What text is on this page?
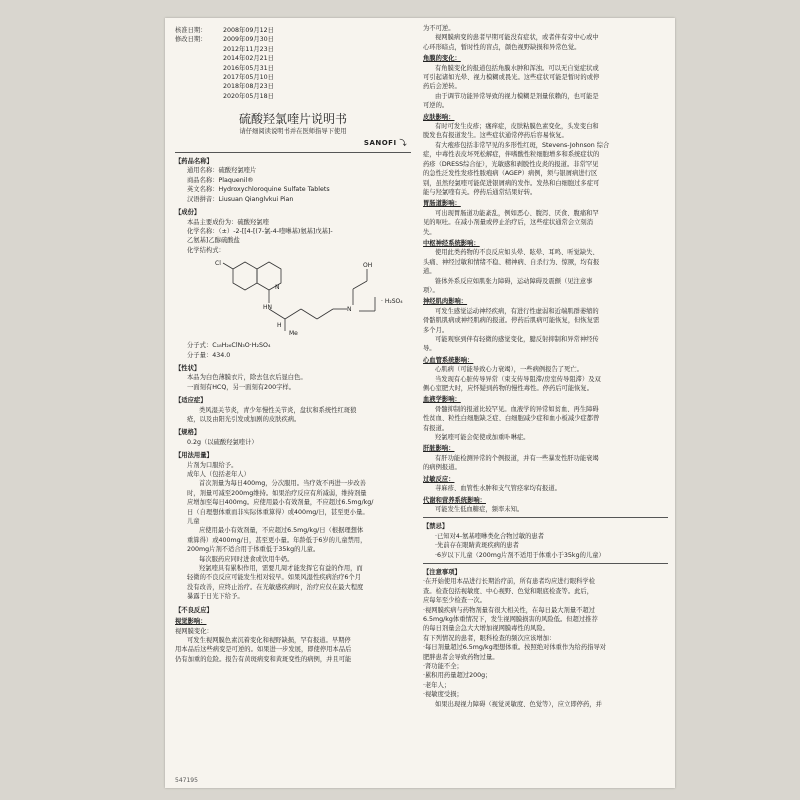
核准日期：
修改日期：
2008年09月12日
2009年09月30日
2012年11月23日
2014年02月21日
2016年05月31日
2017年05月10日
2018年08月23日
2020年05月18日
硫酸羟氯喹片说明书
请仔细阅读说明书并在医师指导下使用
SANOFI ⤵
【药品名称】
通用名称：硫酸羟氯喹片
商品名称：Plaquenil®
英文名称：Hydroxychloroquine Sulfate Tablets
汉语拼音：Liusuan Qianglvkui Pian
【成份】
本品主要成份为：硫酸羟氯喹
化学名称：（±）-2-[[4-[(7-氯-4-喹啉基)氨基]戊基]-
乙氨基]乙醇硫酸盐
化学结构式：
Cl
N
HN	N
OH
· H₂SO₄
Me
H
分子式：C₁₈H₂₆ClN₃O·H₂SO₄
分子量：434.0
【性状】
本品为白色薄膜衣片，除去包衣后显白色。
一面刻有HCQ，另一面刻有200字样。
【适应症】
类风湿关节炎，青少年慢性关节炎，盘状和系统性红斑狼
疮，以及由阳光引发或加剧的皮肤疾病。
【规格】
0.2g（以硫酸羟氯喹计）
【用法用量】
片剂为口服给予。
成年人（包括老年人）
首次剂量为每日400mg，分次服用。当疗效不再进一步改善
时，剂量可减至200mg维持。如果治疗反应有所减弱，维持剂量
应增加至每日400mg。应使用最小有效剂量，不应超过6.5mg/kg/
日（自理想体重而非实际体重算得）或400mg/日，甚至更小量。
儿童
应使用最小有效剂量，不应超过6.5mg/kg/日（根据理想体
重算得）或400mg/日，甚至更小量。年龄低于6岁的儿童禁用，
200mg片剂不适合用于体重低于35kg的儿童。
每次服药应同时进食或饮用牛奶。
羟氯喹具有累积作用，需要几周才能发挥它有益的作用，而
轻微的不良反应可能发生相对较早。如果风湿性疾病治疗6个月
没有改善，应终止治疗。在光敏感疾病时，治疗应仅在最大程度
暴露于日光下给予。
【不良反应】
视觉影响：
视网膜变化：
可发生视网膜色素沉着变化和视野缺损，罕有报道。早期停
用本品后这些病变是可逆的。如果进一步发展，即使停用本品后
仍有加重的危险。报告有黄斑病变和黄斑变性的病例，并且可能
547195
为不可逆。
视网膜病变的患者早期可能没有症状，或者伴有旁中心或中
心环形暗点，暂时性的盲点，颜色视野缺损和异常色觉。
角膜的变化：
有角膜变化的报道包括角膜水肿和浑浊。可以无自觉症状或
可引起诸如光晕、视力模糊或畏光。这些症状可能是暂时的或停
药后会逆转。
由于调节功能异常导致的视力模糊是剂量依赖的，也可能是
可逆的。
皮肤影响：
有时可发生皮疹；瘙痒症，皮肤粘膜色素变化，头发变白和
脱发也有报道发生。这些症状通常停药后容易恢复。
有大疱疹包括非常罕见的多形性红斑，Stevens-Johnson 综合
症，中毒性表皮坏死松解症，伴嗜酸性粒细胞增多和系统症状的
药疹（DRESS综合征），光敏感和剥脱性皮炎的报道。非常罕见
的急性泛发性发疹性脓疱病（AGEP）病例，须与银屑病进行区
别，虽然羟氯喹可能促进银屑病的发作。发热和白细胞过多症可
能与羟氯喹有关。停药后通常结果好转。
胃肠道影响：
可出现胃肠道功能紊乱，例如恶心、腹泻、厌食、腹痛和罕
见的呕吐。在减小剂量或停止治疗后，这些症状通常会立刻消
失。
中枢神经系统影响：
使用此类药物的不良反应如头晕、眩晕、耳鸣、听觉缺失、
头痛、神经过敏和情绪不稳、精神病、自杀行为、惊厥，均有报
道。
锥体外系反应如肌张力障碍，运动障碍及震颤（见注意事
项）。
神经肌肉影响：
可发生感觉运动神经疾病，有进行性虚弱和近端肌群萎缩的
骨骼肌肌病或神经肌病的报道。停药后肌病可能恢复，但恢复需
多个月。
可能观察到伴有轻微的感觉变化，腱反射抑制和异常神经传
导。
心血管系统影响：
心肌病（可能导致心力衰竭），一些病例报告了死亡。
当发现有心脏传导异常（束支传导阻滞/房室传导阻滞）及双
侧心室肥大时，应怀疑到药物的慢性毒性。停药后可能恢复。
血液学影响：
骨髓抑制的报道比较罕见。血液学的异常如贫血、再生障碍
性贫血、粒性白细胞缺乏症、白细胞减少症和血小板减少症都曾
有报道。
羟氯喹可能会促使或加重卟啉症。
肝脏影响：
有肝功能检测异常的个例报道，并有一些暴发性肝功能衰竭
的病例报道。
过敏反应：
荨麻疹、血管性水肿和支气管痉挛均有报道。
代谢和营养系统影响：
可能发生低血糖症，频率未知。
【禁忌】
·已知对4-氨基喹啉类化合物过敏的患者
·先前存在眼睛黄斑疾病的患者
·6岁以下儿童（200mg片剂不适用于体重小于35kg的儿童）
【注意事项】
·在开始使用本品进行长期治疗前，所有患者均应进行眼科学检
查。检查包括视敏度、中心视野、色觉和眼底检查等。此后，
应每年至少检查一次。
·视网膜疾病与药物剂量有很大相关性，在每日最大剂量不超过
6.5mg/kg体重情况下，发生视网膜损害的风险低。但超过推荐
的每日剂量会急大大增加视网膜毒性的风险。
有下列情况的患者，眼科检查的频次应该增加：
·每日剂量超过6.5mg/kg理想体重。按照绝对体重作为给药指导对
肥胖患者会导致药物过量。
·肾功能不全；
·累积用药量超过200g；
·老年人；
·视敏度受损；
如果出现视力障碍（视觉灵敏度、色觉等），应立即停药，并
